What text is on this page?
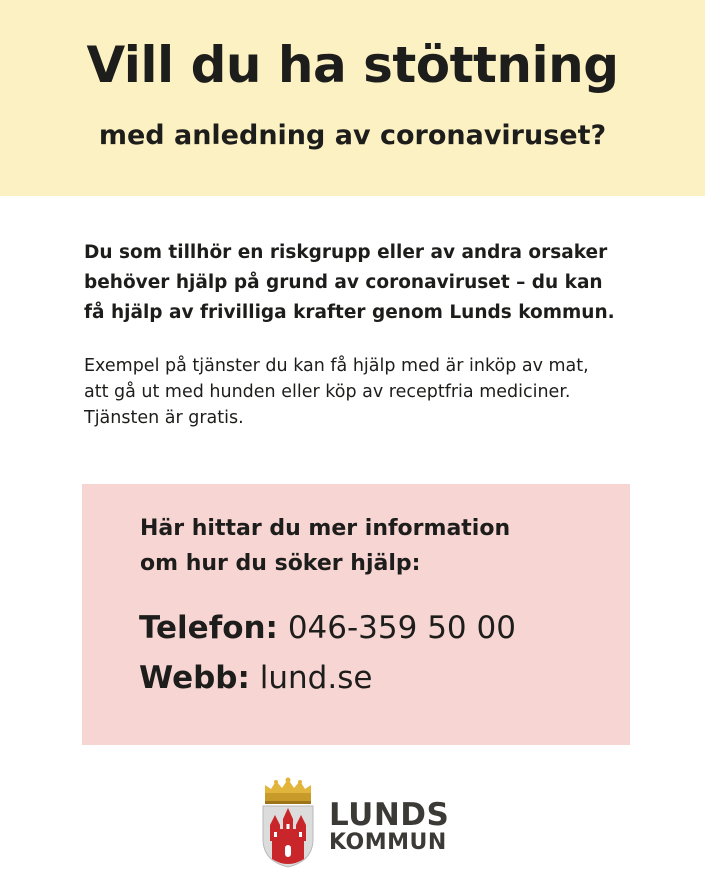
Vill du ha stöttning
med anledning av coronaviruset?
Du som tillhör en riskgrupp eller av andra orsaker
behöver hjälp på grund av coronaviruset – du kan
få hjälp av frivilliga krafter genom Lunds kommun.
Exempel på tjänster du kan få hjälp med är inköp av mat,
att gå ut med hunden eller köp av receptfria mediciner.
Tjänsten är gratis.
Här hittar du mer information
om hur du söker hjälp:
Telefon: 046-359 50 00
Webb: lund.se
LUNDS
KOMMUN
